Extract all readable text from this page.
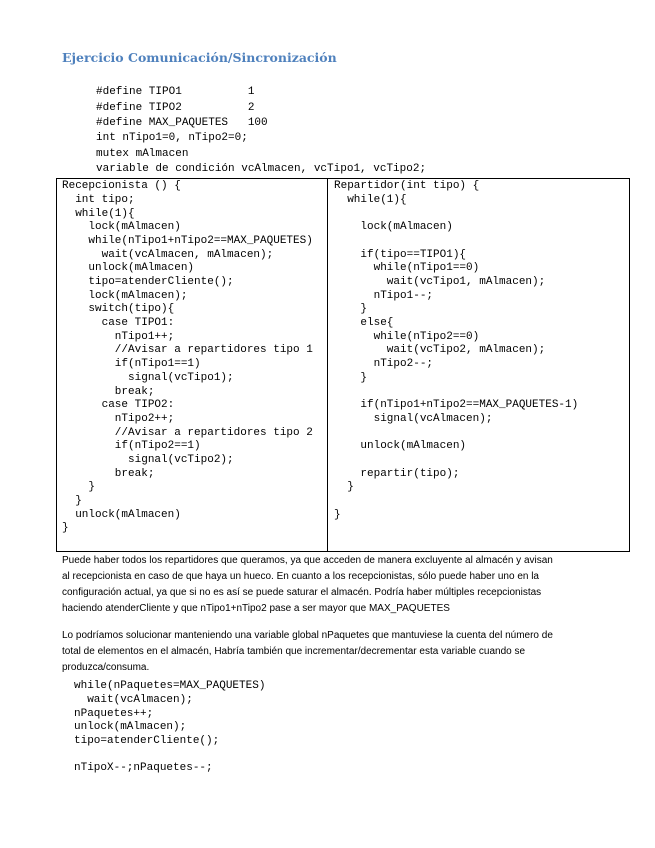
Ejercicio Comunicación/Sincronización
#define TIPO1          1
#define TIPO2          2
#define MAX_PAQUETES   100
int nTipo1=0, nTipo2=0;
mutex mAlmacen
variable de condición vcAlmacen, vcTipo1, vcTipo2;
Recepcionista () {
int tipo;
while(1){
lock(mAlmacen)
while(nTipo1+nTipo2==MAX_PAQUETES)
wait(vcAlmacen, mAlmacen);
unlock(mAlmacen)
tipo=atenderCliente();
lock(mAlmacen);
switch(tipo){
case TIPO1:
nTipo1++;
//Avisar a repartidores tipo 1
if(nTipo1==1)
signal(vcTipo1);
break;
case TIPO2:
nTipo2++;
//Avisar a repartidores tipo 2
if(nTipo2==1)
signal(vcTipo2);
break;
}
}
unlock(mAlmacen)
}
Repartidor(int tipo) {
while(1){
lock(mAlmacen)
if(tipo==TIPO1){
while(nTipo1==0)
wait(vcTipo1, mAlmacen);
nTipo1--;
}
else{
while(nTipo2==0)
wait(vcTipo2, mAlmacen);
nTipo2--;
}
if(nTipo1+nTipo2==MAX_PAQUETES-1)
signal(vcAlmacen);
unlock(mAlmacen)
repartir(tipo);
}
}
Puede haber todos los repartidores que queramos, ya que acceden de manera excluyente al almacén y avisan
al recepcionista en caso de que haya un hueco. En cuanto a los recepcionistas, sólo puede haber uno en la
configuración actual, ya que si no es así se puede saturar el almacén. Podría haber múltiples recepcionistas
haciendo atenderCliente y que nTipo1+nTipo2 pase a ser mayor que MAX_PAQUETES
Lo podríamos solucionar manteniendo una variable global nPaquetes que mantuviese la cuenta del número de
total de elementos en el almacén, Habría también que incrementar/decrementar esta variable cuando se
produzca/consuma.
while(nPaquetes=MAX_PAQUETES)
wait(vcAlmacen);
nPaquetes++;
unlock(mAlmacen);
tipo=atenderCliente();
nTipoX--;nPaquetes--;
